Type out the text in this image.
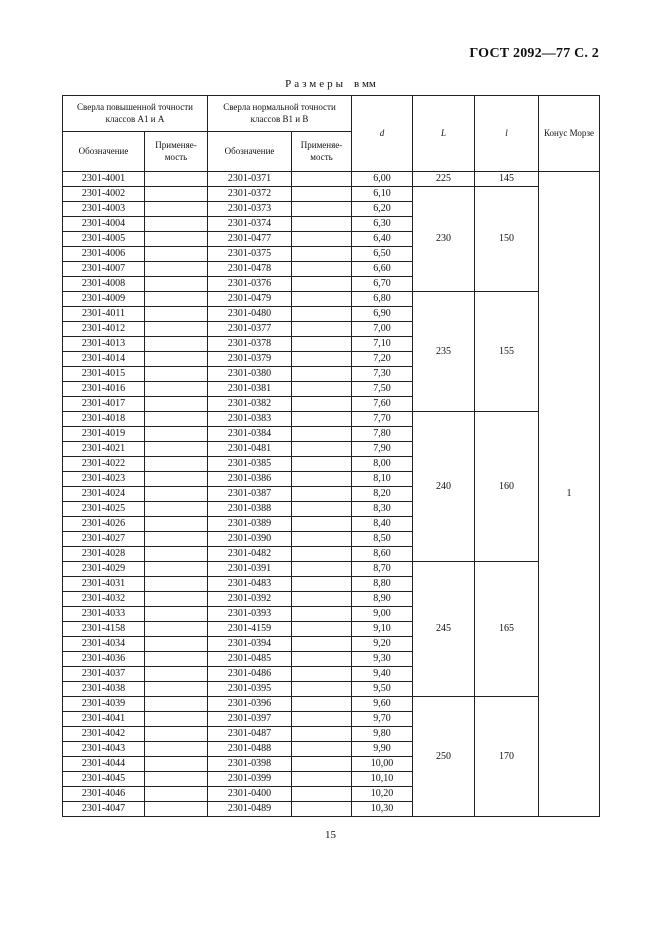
ГОСТ 2092—77 С. 2
Размеры в мм
Сверла повышенной точности классов А1 и А		Сверла нормальной точности классов В1 и В		d	L	l	Конус Морзе
Обозначение	Применяе- мость	Обозначение	Применяе- мость				
2301-4001		2301-0371		6,00	225	145	1
2301-4002		2301-0372		6,10	230	150	
2301-4003		2301-0373		6,20			
2301-4004		2301-0374		6,30			
2301-4005		2301-0477		6,40			
2301-4006		2301-0375		6,50			
2301-4007		2301-0478		6,60			
2301-4008		2301-0376		6,70			
2301-4009		2301-0479		6,80	235	155	
2301-4011		2301-0480		6,90			
2301-4012		2301-0377		7,00			
2301-4013		2301-0378		7,10			
2301-4014		2301-0379		7,20			
2301-4015		2301-0380		7,30			
2301-4016		2301-0381		7,50			
2301-4017		2301-0382		7,60			
2301-4018		2301-0383		7,70	240	160	
2301-4019		2301-0384		7,80			
2301-4021		2301-0481		7,90			
2301-4022		2301-0385		8,00			
2301-4023		2301-0386		8,10			
2301-4024		2301-0387		8,20			
2301-4025		2301-0388		8,30			
2301-4026		2301-0389		8,40			
2301-4027		2301-0390		8,50			
2301-4028		2301-0482		8,60			
2301-4029		2301-0391		8,70	245	165	
2301-4031		2301-0483		8,80			
2301-4032		2301-0392		8,90			
2301-4033		2301-0393		9,00			
2301-4158		2301-4159		9,10			
2301-4034		2301-0394		9,20			
2301-4036		2301-0485		9,30			
2301-4037		2301-0486		9,40			
2301-4038		2301-0395		9,50			
2301-4039		2301-0396		9,60	250	170	
2301-4041		2301-0397		9,70			
2301-4042		2301-0487		9,80			
2301-4043		2301-0488		9,90			
2301-4044		2301-0398		10,00			
2301-4045		2301-0399		10,10			
2301-4046		2301-0400		10,20			
2301-4047		2301-0489		10,30			
15
